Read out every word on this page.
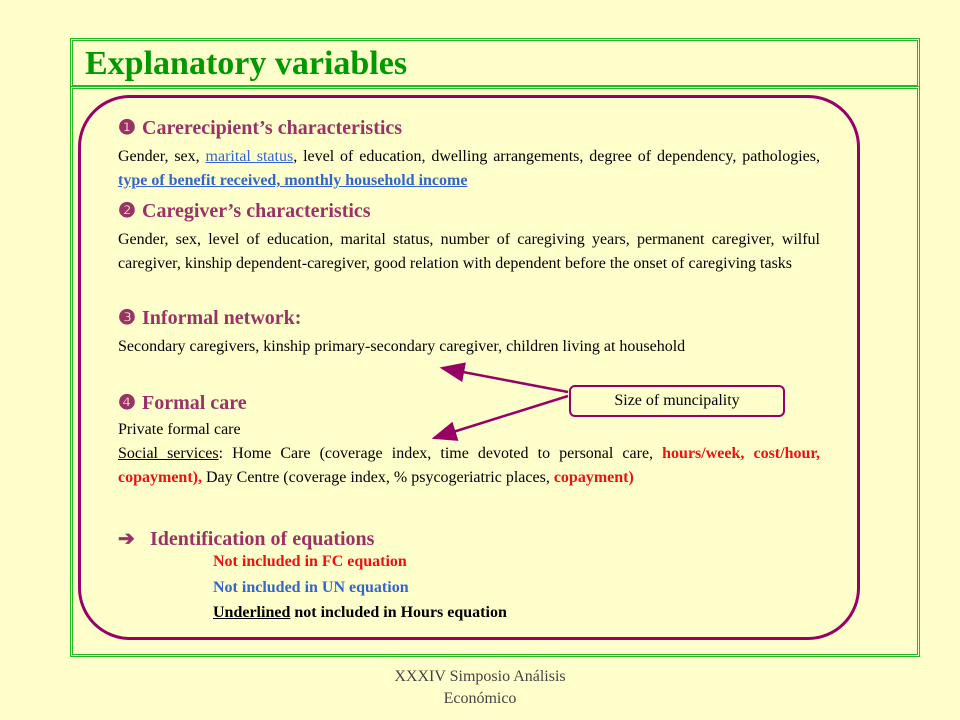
Explanatory variables
❶ Carerecipient’s characteristics
Gender, sex, marital status, level of education, dwelling arrangements, degree of dependency, pathologies, type of benefit received, monthly household income
❷ Caregiver’s characteristics
Gender, sex, level of education, marital status, number of caregiving years, permanent caregiver, wilful caregiver, kinship dependent-caregiver, good relation with dependent before the onset of caregiving tasks
❸ Informal network:
Secondary caregivers, kinship primary-secondary caregiver, children living at household
❹ Formal care
Private formal care
Social services: Home Care (coverage index, time devoted to personal care, hours/week, cost/hour, copayment), Day Centre (coverage index, % psycogeriatric places, copayment)
➔ Identification of equations
Not included in FC equation
Not included in UN equation
Underlined not included in Hours equation
Size of muncipality
XXXIV Simposio Análisis
Económico
